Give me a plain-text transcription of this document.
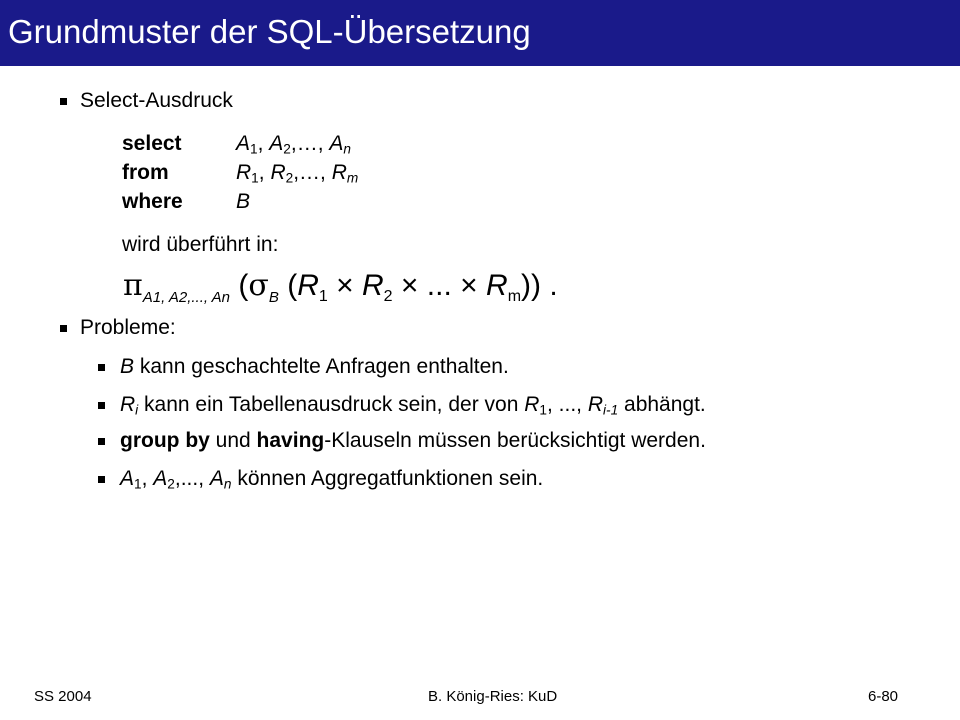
Grundmuster der SQL-Übersetzung
Select-Ausdruck
select	$A_1$, $A_2,\dots$, $A_n$
from	$R_1$, $R_2,\dots$, $R_m$
where	B
wird überführt in:
$\pi_{A1, A2,..., An}$ ($\sigma_B$ ($R_1 \times R_2$ × ... × $R_m$)) .
Probleme:
B kann geschachtelte Anfragen enthalten.
$R_i$ kann ein Tabellenausdruck sein, der von $R_1$, ..., $R_{i-1}$ abhängt.
group by und having-Klauseln müssen berücksichtigt werden.
$A_1$, $A_2$,..., $A_n$ können Aggregatfunktionen sein.
SS 2004	B. König-Ries: KuD	6-80
